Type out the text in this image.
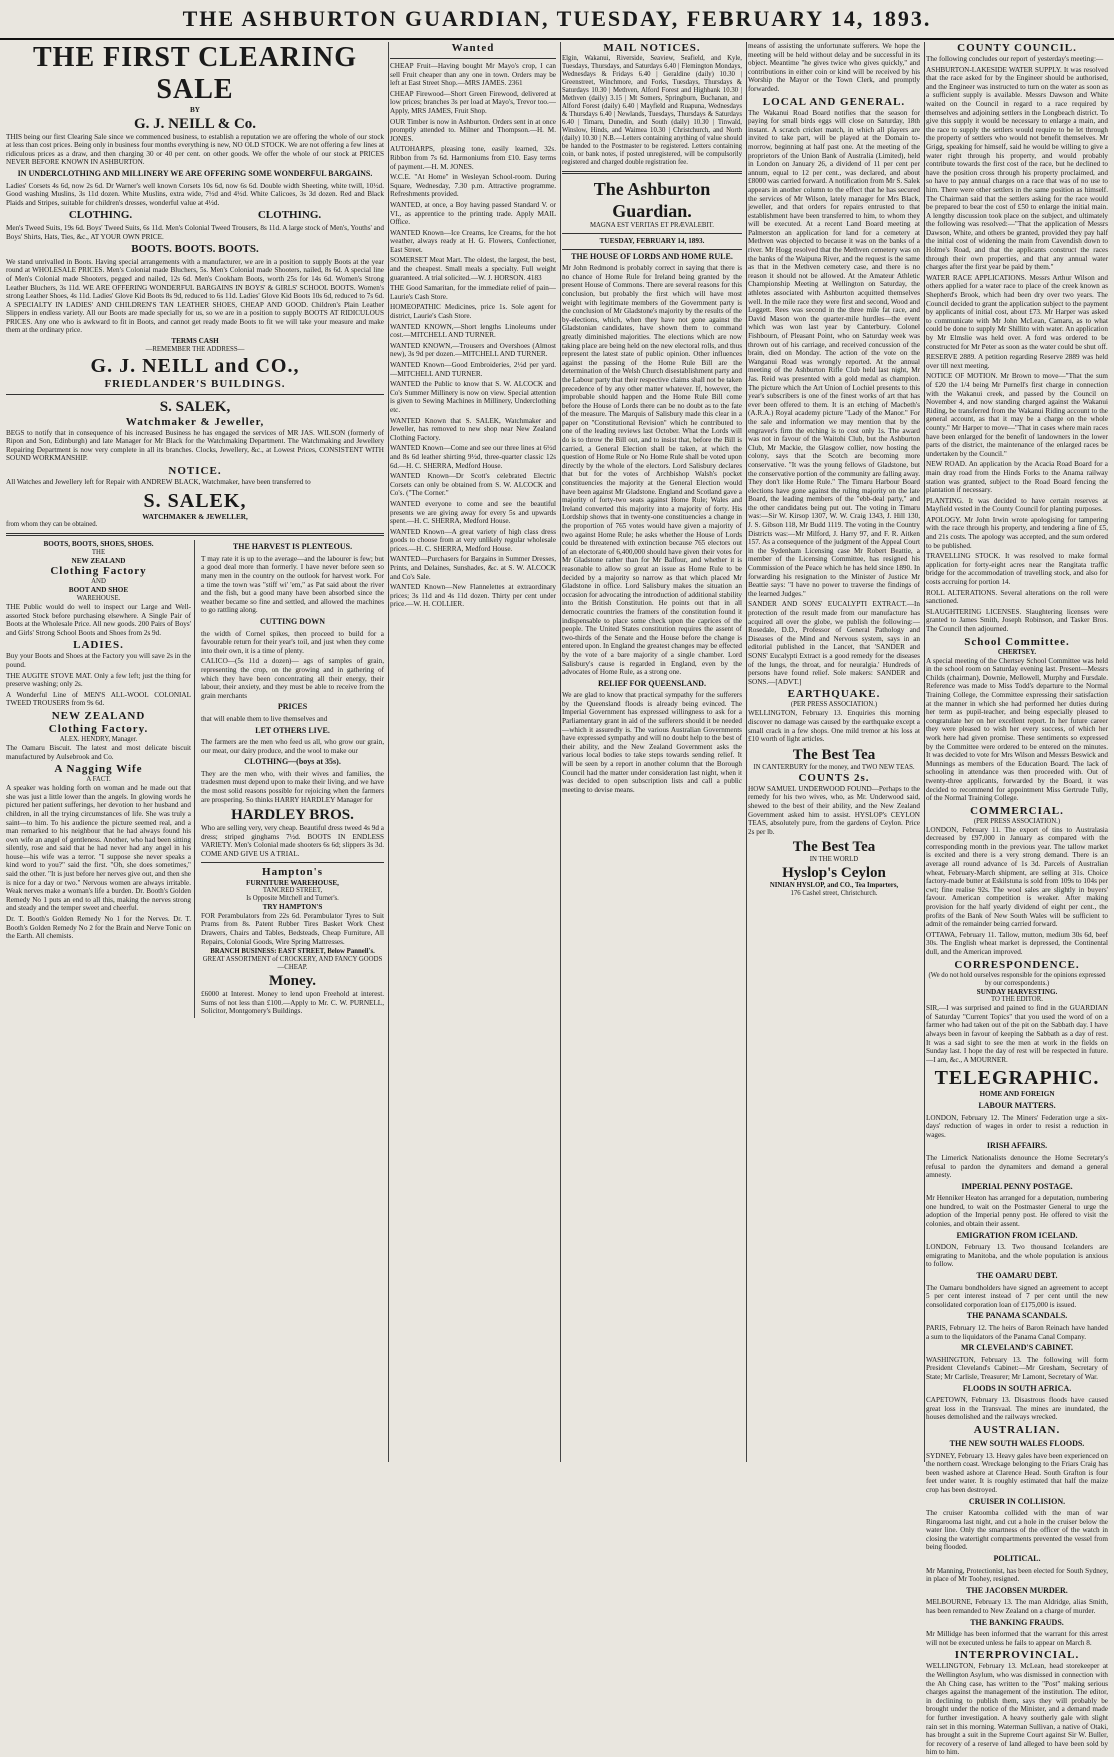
THE ASHBURTON GUARDIAN, TUESDAY, FEBRUARY 14, 1893.
THE FIRST CLEARING SALE
BY
G. J. NEILL & Co.

THIS being our first Clearing Sale since we commenced business, to establish a reputation we are offering the whole of our stock at less than cost prices. Being only in business four months everything is new, NO OLD STOCK. We are not offering a few lines at ridiculous prices as a draw, and then charging 30 or 40 per cent. on other goods. We offer the whole of our stock at PRICES NEVER BEFORE KNOWN IN ASHBURTON.

IN UNDERCLOTHING AND MILLINERY WE ARE OFFERING SOME WONDERFUL BARGAINS.

Ladies' Corsets 4s 6d, now 2s 6d. Dr Warner's well known Corsets 10s 6d, now 6s 6d. Double width Sheeting, white twill, 10½d. Good washing Muslins, 3s 11d dozen. White Muslins, extra wide, 7½d and 4½d. White Calicoes, 3s 3d dozen. Red and Black Plaids and Stripes, suitable for children's dresses, wonderful value at 4½d.

CLOTHING.	CLOTHING.

Men's Tweed Suits, 19s 6d. Boys' Tweed Suits, 6s 11d. Men's Colonial Tweed Trousers, 8s 11d. A large stock of Men's, Youths' and Boys' Shirts, Hats, Ties, &c., AT YOUR OWN PRICE.

BOOTS. BOOTS. BOOTS.

We stand unrivalled in Boots. Having special arrangements with a manufacturer, we are in a position to supply Boots at the year round at WHOLESALE PRICES. Men's Colonial made Bluchers, 5s. Men's Colonial made Shooters, nailed, 8s 6d. A special line of Men's Colonial made Shooters, pegged and nailed, 12s 6d. Men's Cookham Boots, worth 25s for 14s 6d. Women's Strong Leather Bluchers, 3s 11d. WE ARE OFFERING WONDERFUL BARGAINS IN BOYS' & GIRLS' SCHOOL BOOTS. Women's strong Leather Shoes, 4s 11d. Ladies' Glove Kid Boots 8s 9d, reduced to 6s 11d. Ladies' Glove Kid Boots 10s 6d, reduced to 7s 6d. A SPECIALTY IN LADIES' AND CHILDREN'S TAN LEATHER SHOES, CHEAP AND GOOD. Children's Plain Leather Slippers in endless variety. All our Boots are made specially for us, so we are in a position to supply BOOTS AT RIDICULOUS PRICES. Any one who is awkward to fit in Boots, and cannot get ready made Boots to fit we will take your measure and make them at the ordinary price.

TERMS CASH
—REMEMBER THE ADDRESS—
G. J. NEILL and CO.,
FRIEDLANDER'S BUILDINGS.
S. SALEK,
Watchmaker & Jeweller,

BEGS to notify that in consequence of his increased Business he has engaged the services of MR JAS. WILSON (formerly of Ripon and Son, Edinburgh) and late Manager for Mr Black for the Watchmaking Department. The Watchmaking and Jewellery Repairing Department is now very complete in all its branches. Clocks, Jewellery, &c., at Lowest Prices, CONSISTENT WITH SOUND WORKMANSHIP.

NOTICE.

All Watches and Jewellery left for Repair with ANDREW BLACK, Watchmaker, have been transferred to

S. SALEK,
WATCHMAKER & JEWELLER,
from whom they can be obtained.
BOOTS, BOOTS, SHOES, SHOES.
THE
NEW ZEALAND
Clothing Factory
AND
BOOT AND SHOE
WAREHOUSE.

THE Public would do well to inspect our Large and Well-assorted Stock before purchasing elsewhere. A Single Pair of Boots at the Wholesale Price. All new goods. 200 Pairs of Boys' and Girls' Strong School Boots and Shoes from 2s 9d.

LADIES.

Buy your Boots and Shoes at the Factory you will save 2s in the pound.

THE AUGITE STOVE MAT. Only a few left; just the thing for preserve washing; only 2s.

A Wonderful Line of MEN'S ALL-WOOL COLONIAL TWEED TROUSERS from 9s 6d.

NEW ZEALAND
Clothing Factory.
ALEX. HENDRY, Manager.

The Oamaru Biscuit. The latest and most delicate biscuit manufactured by Aulsebrook and Co.

A Nagging Wife
A FACT.

A speaker was holding forth on woman and he made out that she was just a little lower than the angels. In glowing words he pictured her patient sufferings, her devotion to her husband and children, in all the trying circumstances of life. She was truly a saint—to him. To his audience the picture seemed real, and a man remarked to his neighbour that he had always found his own wife an angel of gentleness. Another, who had been sitting silently, rose and said that he had never had any angel in his house—his wife was a terror. "I suppose she never speaks a kind word to you?" said the first. "Oh, she does sometimes," said the other. "It is just before her nerves give out, and then she is nice for a day or two." Nervous women are always irritable. Weak nerves make a woman's life a burden. Dr. Booth's Golden Remedy No 1 puts an end to all this, making the nerves strong and steady and the temper sweet and cheerful.

Dr. T. Booth's Golden Remedy No 1 for the Nerves. Dr. T. Booth's Golden Remedy No 2 for the Brain and Nerve Tonic on the Earth. All chemists.

THE HARVEST IS PLENTEOUS.

T may rate it is up to the average—and the labourer is few; but a good deal more than formerly. I have never before seen so many men in the country on the outlook for harvest work. For a time the town was "stiff wi' 'em," as Pat said about the river and the fish, but a good many have been absorbed since the weather became so fine and settled, and allowed the machines to go rattling along.

CUTTING DOWN

the width of Cornel spikes, then proceed to build for a favourable return for their year's toil, and just when they come into their own, it is a time of plenty.

CALICO—(5s 11d a dozen)— ags of samples of grain, representing the crop, on the growing and in gathering of which they have been concentrating all their energy, their labour, their anxiety, and they must be able to receive from the grain merchants

PRICES

that will enable them to live themselves and

LET OTHERS LIVE.

The farmers are the men who feed us all, who grow our grain, our meat, our dairy produce, and the wool to make our

CLOTHING—(boys at 35s).

They are the men who, with their wives and families, the tradesmen must depend upon to make their living, and we have the most solid reasons possible for rejoicing when the farmers are prospering. So thinks HARRY HARDLEY Manager for

HARDLEY BROS.

Who are selling very, very cheap. Beautiful dress tweed 4s 9d a dress; striped ginghams 7½d. BOOTS IN ENDLESS VARIETY. Men's Colonial made shooters 6s 6d; slippers 3s 3d. COME AND GIVE US A TRIAL.

Hampton's
FURNITURE WAREHOUSE,
TANCRED STREET,
Is Opposite Mitchell and Turner's.
TRY HAMPTON'S

FOR Perambulators from 22s 6d. Perambulator Tyres to Suit Prams from 8s. Patent Rubber Tires Basket Work Chest Drawers, Chairs and Tables, Bedsteads, Cheap Furniture, All Repairs, Colonial Goods, Wire Spring Mattresses.

BRANCH BUSINESS: EAST STREET, Below Pannell's.
GREAT ASSORTMENT of CROCKERY, AND FANCY GOODS—CHEAP.
Money.

£6000 at Interest. Money to lend upon Freehold at interest. Sums of not less than £100.—Apply to Mr. C. W. PURNELL, Solicitor, Montgomery's Buildings.

Wanted

CHEAP Fruit—Having bought Mr Mayo's crop, I can sell Fruit cheaper than any one in town. Orders may be left at East Street Shop.—MRS JAMES. 2361

CHEAP Firewood—Short Green Firewood, delivered at low prices; branches 3s per load at Mayo's, Trevor too.—Apply, MRS JAMES, Fruit Shop.

OUR Timber is now in Ashburton. Orders sent in at once promptly attended to. Milner and Thompson.—H. M. JONES.

AUTOHARPS, pleasing tone, easily learned, 32s. Ribbon from 7s 6d. Harmoniums from £10. Easy terms of payment.—H. M. JONES.

W.C.E. "At Home" in Wesleyan School-room. During Square, Wednesday, 7.30 p.m. Attractive programme. Refreshments provided.

WANTED, at once, a Boy having passed Standard V. or VI., as apprentice to the printing trade. Apply MAIL Office.

WANTED Known—Ice Creams, Ice Creams, for the hot weather, always ready at H. G. Flowers, Confectioner, East Street.

SOMERSET Meat Mart. The oldest, the largest, the best, and the cheapest. Small meals a specialty. Full weight guaranteed. A trial solicited.—W. J. HORSON. 4183

THE Good Samaritan, for the immediate relief of pain—Laurie's Cash Store.

HOMEOPATHIC Medicines, price 1s. Sole agent for district, Laurie's Cash Store.

WANTED KNOWN,—Short lengths Linoleums under cost.—MITCHELL AND TURNER.

WANTED KNOWN,—Trousers and Overshoes (Almost new), 3s 9d per dozen.—MITCHELL AND TURNER.

WANTED Known—Good Embroideries, 2½d per yard.—MITCHELL AND TURNER.

WANTED the Public to know that S. W. ALCOCK and Co's Summer Millinery is now on view. Special attention is given to Sewing Machines in Millinery, Underclothing etc.

WANTED Known that S. SALEK, Watchmaker and Jeweller, has removed to new shop near New Zealand Clothing Factory.

WANTED Known—Come and see our three lines at 6½d and 8s 6d leather shirting 9½d, three-quarter classic 12s 6d.—H. C. SHERRA, Medford House.

WANTED Known—Dr Scott's celebrated Electric Corsets can only be obtained from S. W. ALCOCK and Co's. ("The Corner."

WANTED everyone to come and see the beautiful presents we are giving away for every 5s and upwards spent.—H. C. SHERRA, Medford House.

WANTED Known—A great variety of high class dress goods to choose from at very unlikely regular wholesale prices.—H. C. SHERRA, Medford House.

WANTED—Purchasers for Bargains in Summer Dresses, Prints, and Delaines, Sunshades, &c. at S. W. ALCOCK and Co's Sale.

WANTED Known—New Flannelettes at extraordinary prices; 3s 11d and 4s 11d dozen. Thirty per cent under price.—W. H. COLLIER.

MAIL NOTICES.

Elgin, Wakanui, Riverside, Seaview, Seafield, and Kyle, Tuesdays, Thursdays, and Saturdays 6.40 | Flemington Mondays, Wednesdays & Fridays 6.40 | Geraldine (daily) 10.30 | Greenstreet, Winchmore, and Forks, Tuesdays, Thursdays & Saturdays 10.30 | Methven, Alford Forest and Highbank 10.30 | Methven (daily) 3.15 | Mt Somers, Springburn, Buchanan, and Alford Forest (daily) 6.40 | Mayfield and Ruapuna, Wednesdays & Thursdays 6.40 | Newlands, Tuesdays, Thursdays & Saturdays 6.40 | Timaru, Dunedin, and South (daily) 10.30 | Tinwald, Winslow, Hinds, and Waimea 10.30 | Christchurch, and North (daily) 10.30 | N.B.—Letters containing anything of value should be handed to the Postmaster to be registered. Letters containing coin, or bank notes, if posted unregistered, will be compulsorily registered and charged double registration fee.

The Ashburton Guardian.
MAGNA EST VERITAS ET PRÆVALEBIT.
TUESDAY, FEBRUARY 14, 1893.
THE HOUSE OF LORDS AND HOME RULE.

Mr John Redmond is probably correct in saying that there is no chance of Home Rule for Ireland being granted by the present House of Commons. There are several reasons for this conclusion, but probably the first which will have most weight with legitimate members of the Government party is the conclusion of Mr Gladstone's majority by the results of the by-elections, which, when they have not gone against the Gladstonian candidates, have shown them to command greatly diminished majorities. The elections which are now taking place are being held on the new electoral rolls, and thus represent the latest state of public opinion. Other influences against the passing of the Home Rule Bill are the determination of the Welsh Church disestablishment party and the Labour party that their respective claims shall not be taken precedence of by any other matter whatever. If, however, the improbable should happen and the Home Rule Bill come before the House of Lords there can be no doubt as to the fate of the measure. The Marquis of Salisbury made this clear in a paper on "Constitutional Revision" which he contributed to one of the leading reviews last October. What the Lords will do is to throw the Bill out, and to insist that, before the Bill is carried, a General Election shall be taken, at which the question of Home Rule or No Home Rule shall be voted upon directly by the whole of the electors. Lord Salisbury declares that but for the votes of Archbishop Walsh's pocket constituencies the majority at the General Election would have been against Mr Gladstone. England and Scotland gave a majority of forty-two seats against Home Rule; Wales and Ireland converted this majority into a majority of forty. His Lordship shows that in twenty-one constituencies a change in the proportion of 765 votes would have given a majority of two against Home Rule; he asks whether the House of Lords could be threatened with extinction because 765 electors out of an electorate of 6,400,000 should have given their votes for Mr Gladstone rather than for Mr Balfour, and whether it is reasonable to allow so great an issue as Home Rule to be decided by a majority so narrow as that which placed Mr Gladstone in office. Lord Salisbury makes the situation an occasion for advocating the introduction of additional stability into the British Constitution. He points out that in all democratic countries the framers of the constitution found it indispensable to place some check upon the caprices of the people. The United States constitution requires the assent of two-thirds of the Senate and the House before the change is entered upon. In England the greatest changes may be effected by the vote of a bare majority of a single chamber. Lord Salisbury's cause is regarded in England, even by the advocates of Home Rule, as a strong one.

RELIEF FOR QUEENSLAND.

We are glad to know that practical sympathy for the sufferers by the Queensland floods is already being evinced. The Imperial Government has expressed willingness to ask for a Parliamentary grant in aid of the sufferers should it be needed—which it assuredly is. The various Australian Governments have expressed sympathy and will no doubt help to the best of their ability, and the New Zealand Government asks the various local bodies to take steps towards sending relief. It will be seen by a report in another column that the Borough Council had the matter under consideration last night, when it was decided to open subscription lists and call a public meeting to devise means.

means of assisting the unfortunate sufferers. We hope the meeting will be held without delay and be successful in its object. Meantime "he gives twice who gives quickly," and contributions in either coin or kind will be received by his Worship the Mayor or the Town Clerk, and promptly forwarded.

LOCAL AND GENERAL.

The Wakanui Road Board notifies that the season for paying for small birds eggs will close on Saturday, 18th instant. A scratch cricket match, in which all players are invited to take part, will be played at the Domain to-morrow, beginning at half past one. At the meeting of the proprietors of the Union Bank of Australia (Limited), held in London on January 26, a dividend of 11 per cent per annum, equal to 12 per cent., was declared, and about £8000 was carried forward. A notification from Mr S. Salek appears in another column to the effect that he has secured the services of Mr Wilson, lately manager for Mrs Black, jeweller, and that orders for repairs entrusted to that establishment have been transferred to him, to whom they will be executed. At a recent Land Board meeting at Palmerston an application for land for a cemetery at Methven was objected to because it was on the banks of a river. Mr Hogg resolved that the Methven cemetery was on the banks of the Waipuna River, and the request is the same as that in the Methven cemetery case, and there is no reason it should not be allowed. At the Amateur Athletic Championship Meeting at Wellington on Saturday, the athletes associated with Ashburton acquitted themselves well. In the mile race they were first and second, Wood and Leggett. Rees was second in the three mile fat race, and David Mason won the quarter-mile hurdles—the event which was won last year by Canterbury. Colonel Fishbourn, of Pleasant Point, who on Saturday week was thrown out of his carriage, and received concussion of the brain, died on Monday. The action of the vote on the Wanganui Road was wrongly reported. At the annual meeting of the Ashburton Rifle Club held last night, Mr Jas. Reid was presented with a gold medal as champion. The picture which the Art Union of Lochiel presents to this year's subscribers is one of the finest works of art that has ever been offered to them. It is an etching of Macbeth's (A.R.A.) Royal academy picture "Lady of the Manor." For the sale and information we may mention that by the engraver's firm the etching is to cost only 1s. The award was not in favour of the Waitohi Club, but the Ashburton Club, Mr Mackie, the Glasgow collier, now hosting the colony, says that the Scotch are becoming more conservative. "It was the young fellows of Gladstone, but the conservative portion of the community are falling away. They don't like Home Rule." The Timaru Harbour Board elections have gone against the ruling majority on the late Board, the leading members of the "ebb-deal party," and the other candidates being put out. The voting in Timaru was:—Sir W. Kirsop 1307, W. W. Craig 1343, J. Hill 130, J. S. Gibson 118, Mr Budd 1119. The voting in the Country Districts was:—Mr Milford, J. Harry 97, and F. R. Aitken 157. As a consequence of the judgment of the Appeal Court in the Sydenham Licensing case Mr Robert Beattie, a member of the Licensing Committee, has resigned his Commission of the Peace which he has held since 1890. In forwarding his resignation to the Minister of Justice Mr Beattie says: "I have no power to traverse the findings of the learned Judges."

SANDER AND SONS' EUCALYPTI EXTRACT.—In protection of the result made from our manufacture has acquired all over the globe, we publish the following:—Rosedale, D.D., Professor of General Pathology and Diseases of the Mind and Nervous system, says in an editorial published in the Lancet, that 'SANDER and SONS' Eucalypti Extract is a good remedy for the diseases of the lungs, the throat, and for neuralgia.' Hundreds of persons have found relief. Sole makers: SANDER and SONS.—[ADVT.]

EARTHQUAKE.
(PER PRESS ASSOCIATION.)

WELLINGTON, February 13. Enquiries this morning discover no damage was caused by the earthquake except a small crack in a few shops. One mild tremor at his loss at £10 worth of light articles.

The Best Tea
IN CANTERBURY for the money, and TWO NEW TEAS.
COUNTS 2s.

HOW SAMUEL UNDERWOOD FOUND—Perhaps to the remedy for his two wives, who, as Mr. Underwood said, shewed to the best of their ability, and the New Zealand Government asked him to assist. HYSLOP's CEYLON TEAS, absolutely pure, from the gardens of Ceylon. Price 2s per lb.

The Best Tea
IN THE WORLD
Hyslop's Ceylon
NINIAN HYSLOP, and CO., Tea Importers,
176 Cashel street, Christchurch.
COUNTY COUNCIL.

The following concludes our report of yesterday's meeting:—

ASHBURTON-LAKESIDE WATER SUPPLY. It was resolved that the race asked for by the Engineer should be authorised, and the Engineer was instructed to turn on the water as soon as a sufficient supply is available. Messrs Dawson and White waited on the Council in regard to a race required by themselves and adjoining settlers in the Longbeach district. To give this supply it would be necessary to enlarge a main, and the race to supply the settlers would require to be let through the property of settlers who would not benefit themselves. Mr Grigg, speaking for himself, said he would be willing to give a water right through his property, and would probably contribute towards the first cost of the race, but he declined to have the position cross through his property proclaimed, and so have to pay annual charges on a race that was of no use to him. There were other settlers in the same position as himself. The Chairman said that the settlers asking for the race would be prepared to bear the cost of £50 to enlarge the initial main. A lengthy discussion took place on the subject, and ultimately the following was resolved:—"That the application of Messrs Dawson, White, and others be granted, provided they pay half the initial cost of widening the main from Cavendish down to Holme's Road, and that the applicants construct the races through their own properties, and that any annual water charges after the first year be paid by them."

WATER RACE APPLICATIONS. Messrs Arthur Wilson and others applied for a water race to place of the creek known as Shepherd's Brook, which had been dry over two years. The Council decided to grant the application subject to the payment by applicants of initial cost, about £73. Mr Harper was asked to communicate with Mr John McLean, Camaru, as to what could be done to supply Mr Shillito with water. An application by Mr Elmslie was held over. A ford was ordered to be constructed for Mr Peter as soon as the water could be shut off.

RESERVE 2889. A petition regarding Reserve 2889 was held over till next meeting.

NOTICE OF MOTION. Mr Brown to move—"That the sum of £20 the 1/4 being Mr Purnell's first charge in connection with the Wakanui creek, and passed by the Council on November 4, and now standing charged against the Wakanui Riding, be transferred from the Wakanui Riding account to the general account, as that it may be a charge on the whole county." Mr Harper to move—"That in cases where main races have been enlarged for the benefit of landowners in the lower parts of the district, the maintenance of the enlarged races be undertaken by the Council."

NEW ROAD. An application by the Acacia Road Board for a main dray road from the Hinds Forks to the Anama railway station was granted, subject to the Road Board fencing the plantation if necessary.

PLANTING. It was decided to have certain reserves at Mayfield vested in the County Council for planting purposes.

APOLOGY. Mr John Irwin wrote apologising for tampering with the race through his property, and tendering a fine of £5, and 21s costs. The apology was accepted, and the sum ordered to be published.

TRAVELLING STOCK. It was resolved to make formal application for forty-eight acres near the Rangitata traffic bridge for the accommodation of travelling stock, and also for costs accruing for portion 14.

ROLL ALTERATIONS. Several alterations on the roll were sanctioned.

SLAUGHTERING LICENSES. Slaughtering licenses were granted to James Smith, Joseph Robinson, and Tasker Bros. The Council then adjourned.

School Committee.
CHERTSEY.

A special meeting of the Chertsey School Committee was held in the school room on Saturday evening last. Present—Messrs Childs (chairman), Downie, Mellowell, Murphy and Fursdale. Reference was made to Miss Todd's departure to the Normal Training College, the Committee expressing their satisfaction at the manner in which she had performed her duties during her term as pupil-teacher, and being especially pleased to congratulate her on her excellent report. In her future career they were pleased to wish her every success, of which her work here had given promise. These sentiments so expressed by the Committee were ordered to be entered on the minutes. It was decided to vote for Mrs Wilson and Messrs Beswick and Munnings as members of the Education Board. The lack of schooling in attendance was then proceeded with. Out of twenty-three applicants, forwarded by the Board, it was decided to recommend for appointment Miss Gertrude Tully, of the Normal Training College.

COMMERCIAL.
(PER PRESS ASSOCIATION.)

LONDON, February 11. The export of tins to Australasia decreased by £97,000 in January as compared with the corresponding month in the previous year. The tallow market is excited and there is a very strong demand. There is an average all round advance of 1s 3d. Parcels of Australian wheat, February-March shipment, are selling at 31s. Choice factory-made butter at Eskilstuna is sold from 109s to 104s per cwt; fine realise 92s. The wool sales are slightly in buyers' favour. American competition is weaker. After making provision for the half yearly dividend of eight per cent., the profits of the Bank of New South Wales will be sufficient to admit of the remainder being carried forward.

OTTAWA, February 11. Tallow, mutton, medium 30s 6d, beef 30s. The English wheat market is depressed, the Continental dull, and the American improved.

CORRESPONDENCE.
(We do not hold ourselves responsible for the opinions expressed by our correspondents.)
SUNDAY HARVESTING.
TO THE EDITOR.

SIR,—I was surprised and pained to find in the GUARDIAN of Saturday "Current Topics" that you used the word of on a farmer who had taken out of the pit on the Sabbath day. I have always been in favour of keeping the Sabbath as a day of rest. It was a sad sight to see the men at work in the fields on Sunday last. I hope the day of rest will be respected in future.—I am, &c., A MOURNER.

TELEGRAPHIC.
HOME AND FOREIGN
LABOUR MATTERS.

LONDON, February 12. The Miners' Federation urge a six-days' reduction of wages in order to resist a reduction in wages.

IRISH AFFAIRS.

The Limerick Nationalists denounce the Home Secretary's refusal to pardon the dynamiters and demand a general amnesty.

IMPERIAL PENNY POSTAGE.

Mr Henniker Heaton has arranged for a deputation, numbering one hundred, to wait on the Postmaster General to urge the adoption of the Imperial penny post. He offered to visit the colonies, and obtain their assent.

EMIGRATION FROM ICELAND.

LONDON, February 13. Two thousand Icelanders are emigrating to Manitoba, and the whole population is anxious to follow.

THE OAMARU DEBT.

The Oamaru bondholders have signed an agreement to accept 5 per cent interest instead of 7 per cent until the new consolidated corporation loan of £175,000 is issued.

THE PANAMA SCANDALS.

PARIS, February 12. The heirs of Baron Reinach have handed a sum to the liquidators of the Panama Canal Company.

MR CLEVELAND'S CABINET.

WASHINGTON, February 13. The following will form President Cleveland's Cabinet:—Mr Gresham, Secretary of State; Mr Carlisle, Treasurer; Mr Lamont, Secretary of War.

FLOODS IN SOUTH AFRICA.

CAPETOWN, February 13. Disastrous floods have caused great loss in the Transvaal. The mines are inundated, the houses demolished and the railways wrecked.

AUSTRALIAN.
THE NEW SOUTH WALES FLOODS.

SYDNEY, February 13. Heavy gales have been experienced on the northern coast. Wreckage belonging to the Friars Craig has been washed ashore at Clarence Head. South Grafton is four feet under water. It is roughly estimated that half the maize crop has been destroyed.

CRUISER IN COLLISION.

The cruiser Katoomba collided with the man of war Ringarooma last night, and cut a hole in the cruiser below the water line. Only the smartness of the officer of the watch in closing the watertight compartments prevented the vessel from being flooded.

POLITICAL.

Mr Manning, Protectionist, has been elected for South Sydney, in place of Mr Toohey, resigned.

THE JACOBSEN MURDER.

MELBOURNE, February 13. The man Aldridge, alias Smith, has been remanded to New Zealand on a charge of murder.

THE BANKING FRAUDS.

Mr Millidge has been informed that the warrant for this arrest will not be executed unless he fails to appear on March 8.

INTERPROVINCIAL.

WELLINGTON, February 13. McLean, head storekeeper at the Wellington Asylum, who was dismissed in connection with the Ah Ching case, has written to the "Post" making serious charges against the management of the institution. The editor, in declining to publish them, says they will probably be brought under the notice of the Minister, and a demand made for further investigation. A heavy southerly gale with slight rain set in this morning. Waterman Sullivan, a native of Otaki, has brought a suit in the Supreme Court against Sir W. Buller, for recovery of a reserve of land alleged to have been sold by him to him.
